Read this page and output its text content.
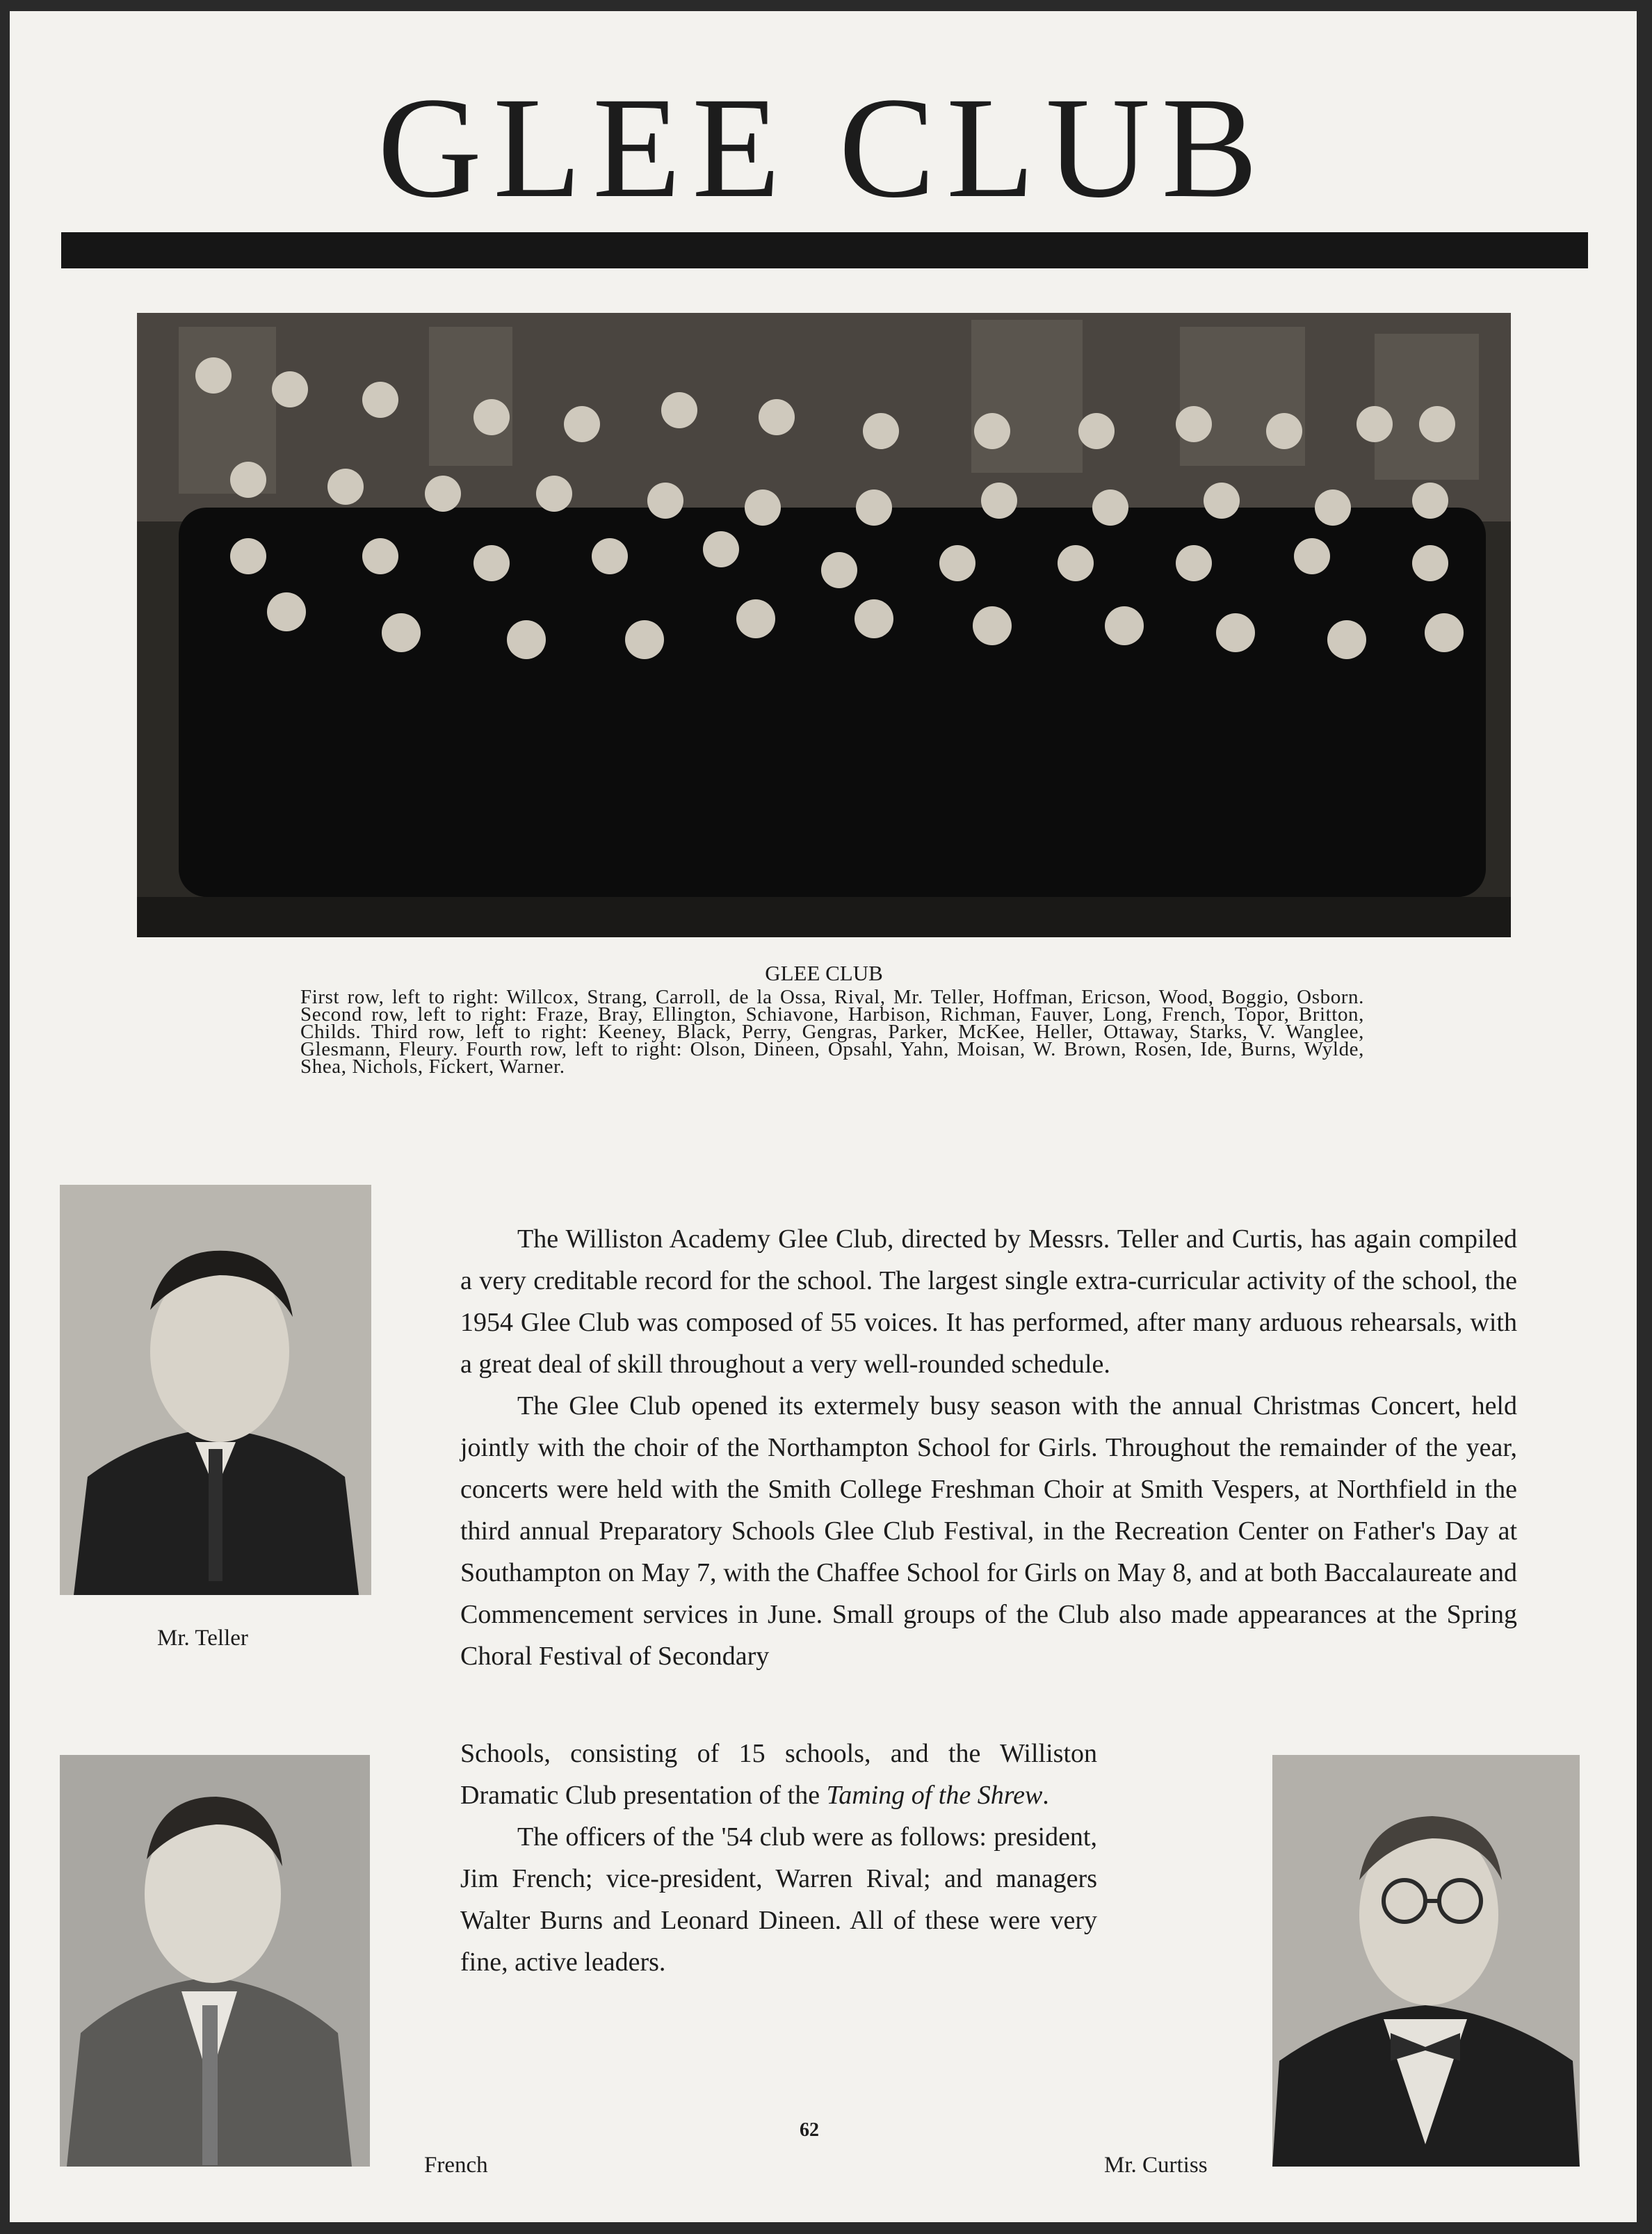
GLEE CLUB
GLEE CLUB
First row, left to right: Willcox, Strang, Carroll, de la Ossa, Rival, Mr. Teller, Hoffman, Ericson, Wood, Boggio, Osborn. Second row, left to right: Fraze, Bray, Ellington, Schiavone, Harbison, Richman, Fauver, Long, French, Topor, Britton, Childs. Third row, left to right: Keeney, Black, Perry, Gengras, Parker, McKee, Heller, Ottaway, Starks, V. Wanglee, Glesmann, Fleury. Fourth row, left to right: Olson, Dineen, Opsahl, Yahn, Moisan, W. Brown, Rosen, Ide, Burns, Wylde, Shea, Nichols, Fickert, Warner.
Mr. Teller

The Williston Academy Glee Club, directed by Messrs. Teller and Curtis, has again compiled a very creditable record for the school. The largest single extra-curricular activity of the school, the 1954 Glee Club was composed of 55 voices. It has performed, after many arduous rehearsals, with a great deal of skill throughout a very well-rounded schedule.

The Glee Club opened its extermely busy season with the annual Christmas Concert, held jointly with the choir of the Northampton School for Girls. Throughout the remainder of the year, concerts were held with the Smith College Freshman Choir at Smith Vespers, at Northfield in the third annual Preparatory Schools Glee Club Festival, in the Recreation Center on Father's Day at Southampton on May 7, with the Chaffee School for Girls on May 8, and at both Baccalaureate and Commencement services in June. Small groups of the Club also made appearances at the Spring Choral Festival of Secondary

Schools, consisting of 15 schools, and the Williston Dramatic Club presentation of the Taming of the Shrew.

The officers of the '54 club were as follows: president, Jim French; vice-president, Warren Rival; and managers Walter Burns and Leonard Dineen. All of these were very fine, active leaders.

French	Mr. Curtiss
62
